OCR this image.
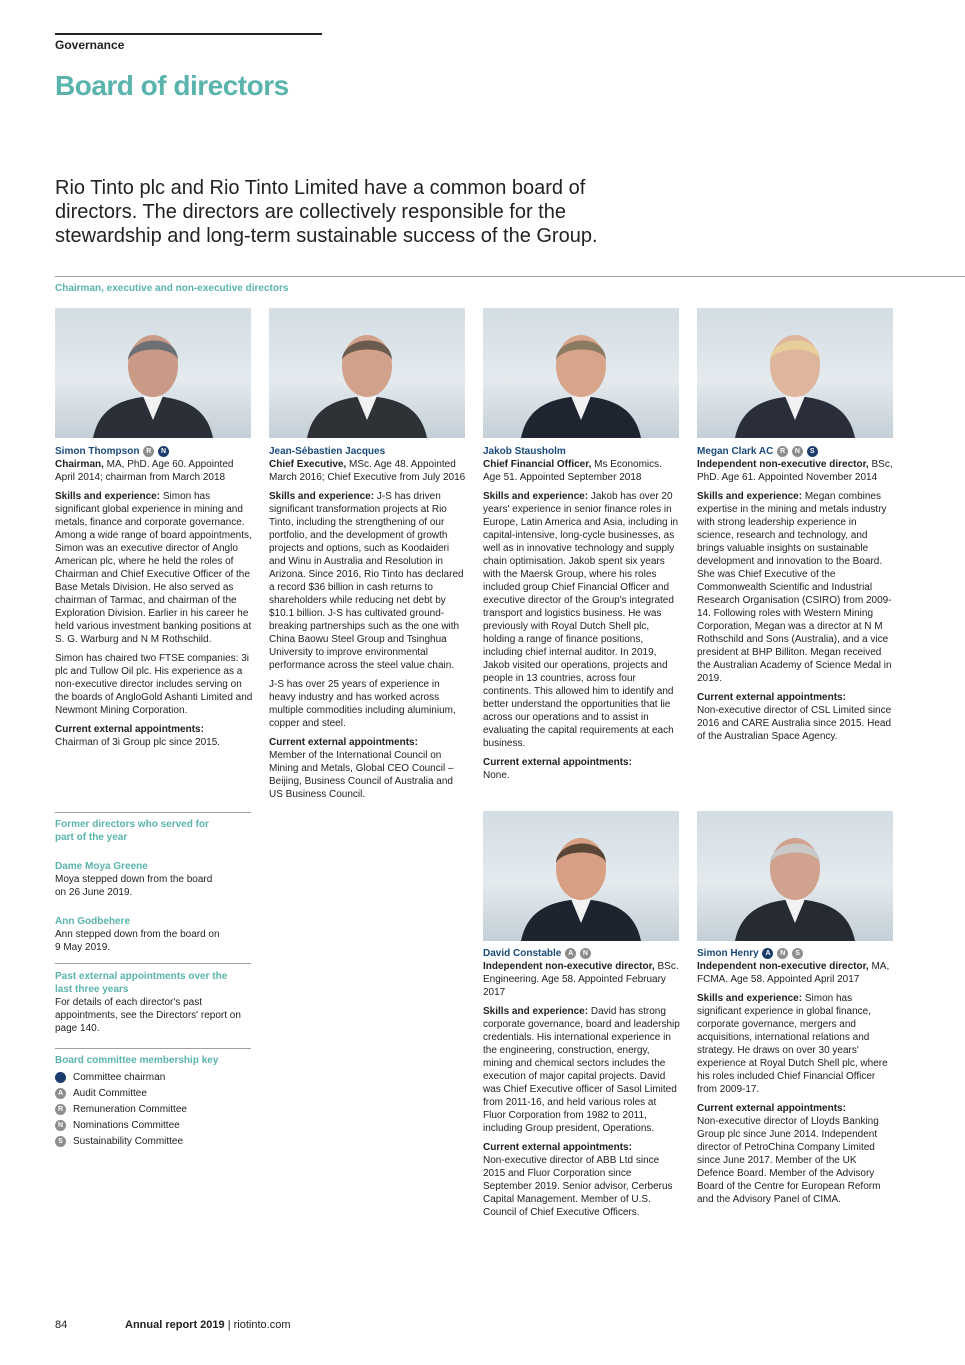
Governance
Board of directors
Rio Tinto plc and Rio Tinto Limited have a common board of directors. The directors are collectively responsible for the stewardship and long-term sustainable success of the Group.
Chairman, executive and non-executive directors
Simon Thompson R N

Chairman, MA, PhD. Age 60. Appointed April 2014; chairman from March 2018

Skills and experience: Simon has significant global experience in mining and metals, finance and corporate governance. Among a wide range of board appointments, Simon was an executive director of Anglo American plc, where he held the roles of Chairman and Chief Executive Officer of the Base Metals Division. He also served as chairman of Tarmac, and chairman of the Exploration Division. Earlier in his career he held various investment banking positions at S. G. Warburg and N M Rothschild.

Simon has chaired two FTSE companies: 3i plc and Tullow Oil plc. His experience as a non-executive director includes serving on the boards of AngloGold Ashanti Limited and Newmont Mining Corporation.

Current external appointments:
Chairman of 3i Group plc since 2015.
Jean-Sébastien Jacques

Chief Executive, MSc. Age 48. Appointed March 2016; Chief Executive from July 2016

Skills and experience: J-S has driven significant transformation projects at Rio Tinto, including the strengthening of our portfolio, and the development of growth projects and options, such as Koodaideri and Winu in Australia and Resolution in Arizona. Since 2016, Rio Tinto has declared a record $36 billion in cash returns to shareholders while reducing net debt by $10.1 billion. J-S has cultivated ground-breaking partnerships such as the one with China Baowu Steel Group and Tsinghua University to improve environmental performance across the steel value chain.

J-S has over 25 years of experience in heavy industry and has worked across multiple commodities including aluminium, copper and steel.

Current external appointments:
Member of the International Council on Mining and Metals, Global CEO Council – Beijing, Business Council of Australia and US Business Council.
Jakob Stausholm

Chief Financial Officer, Ms Economics. Age 51. Appointed September 2018

Skills and experience: Jakob has over 20 years' experience in senior finance roles in Europe, Latin America and Asia, including in capital-intensive, long-cycle businesses, as well as in innovative technology and supply chain optimisation. Jakob spent six years with the Maersk Group, where his roles included group Chief Financial Officer and executive director of the Group's integrated transport and logistics business. He was previously with Royal Dutch Shell plc, holding a range of finance positions, including chief internal auditor. In 2019, Jakob visited our operations, projects and people in 13 countries, across four continents. This allowed him to identify and better understand the opportunities that lie across our operations and to assist in evaluating the capital requirements at each business.

Current external appointments:
None.
Megan Clark AC R N S

Independent non-executive director, BSc, PhD. Age 61. Appointed November 2014

Skills and experience: Megan combines expertise in the mining and metals industry with strong leadership experience in science, research and technology, and brings valuable insights on sustainable development and innovation to the Board. She was Chief Executive of the Commonwealth Scientific and Industrial Research Organisation (CSIRO) from 2009-14. Following roles with Western Mining Corporation, Megan was a director at N M Rothschild and Sons (Australia), and a vice president at BHP Billiton. Megan received the Australian Academy of Science Medal in 2019.

Current external appointments:
Non-executive director of CSL Limited since 2016 and CARE Australia since 2015. Head of the Australian Space Agency.
David Constable A N

Independent non-executive director, BSc. Engineering. Age 58. Appointed February 2017

Skills and experience: David has strong corporate governance, board and leadership credentials. His international experience in the engineering, construction, energy, mining and chemical sectors includes the execution of major capital projects. David was Chief Executive officer of Sasol Limited from 2011-16, and held various roles at Fluor Corporation from 1982 to 2011, including Group president, Operations.

Current external appointments:
Non-executive director of ABB Ltd since 2015 and Fluor Corporation since September 2019. Senior advisor, Cerberus Capital Management. Member of U.S. Council of Chief Executive Officers.
Simon Henry A N S

Independent non-executive director, MA, FCMA. Age 58. Appointed April 2017

Skills and experience: Simon has significant experience in global finance, corporate governance, mergers and acquisitions, international relations and strategy. He draws on over 30 years' experience at Royal Dutch Shell plc, where his roles included Chief Financial Officer from 2009-17.

Current external appointments:
Non-executive director of Lloyds Banking Group plc since June 2014. Independent director of PetroChina Company Limited since June 2017. Member of the UK Defence Board. Member of the Advisory Board of the Centre for European Reform and the Advisory Panel of CIMA.
Former directors who served for part of the year
Dame Moya Greene
Moya stepped down from the board on 26 June 2019.
Ann Godbehere
Ann stepped down from the board on 9 May 2019.
Past external appointments over the last three years
For details of each director's past appointments, see the Directors' report on page 140.
Board committee membership key
Committee chairman
A Audit Committee
R Remuneration Committee
N Nominations Committee
S	Sustainability Committee
84	Annual report 2019 | riotinto.com
